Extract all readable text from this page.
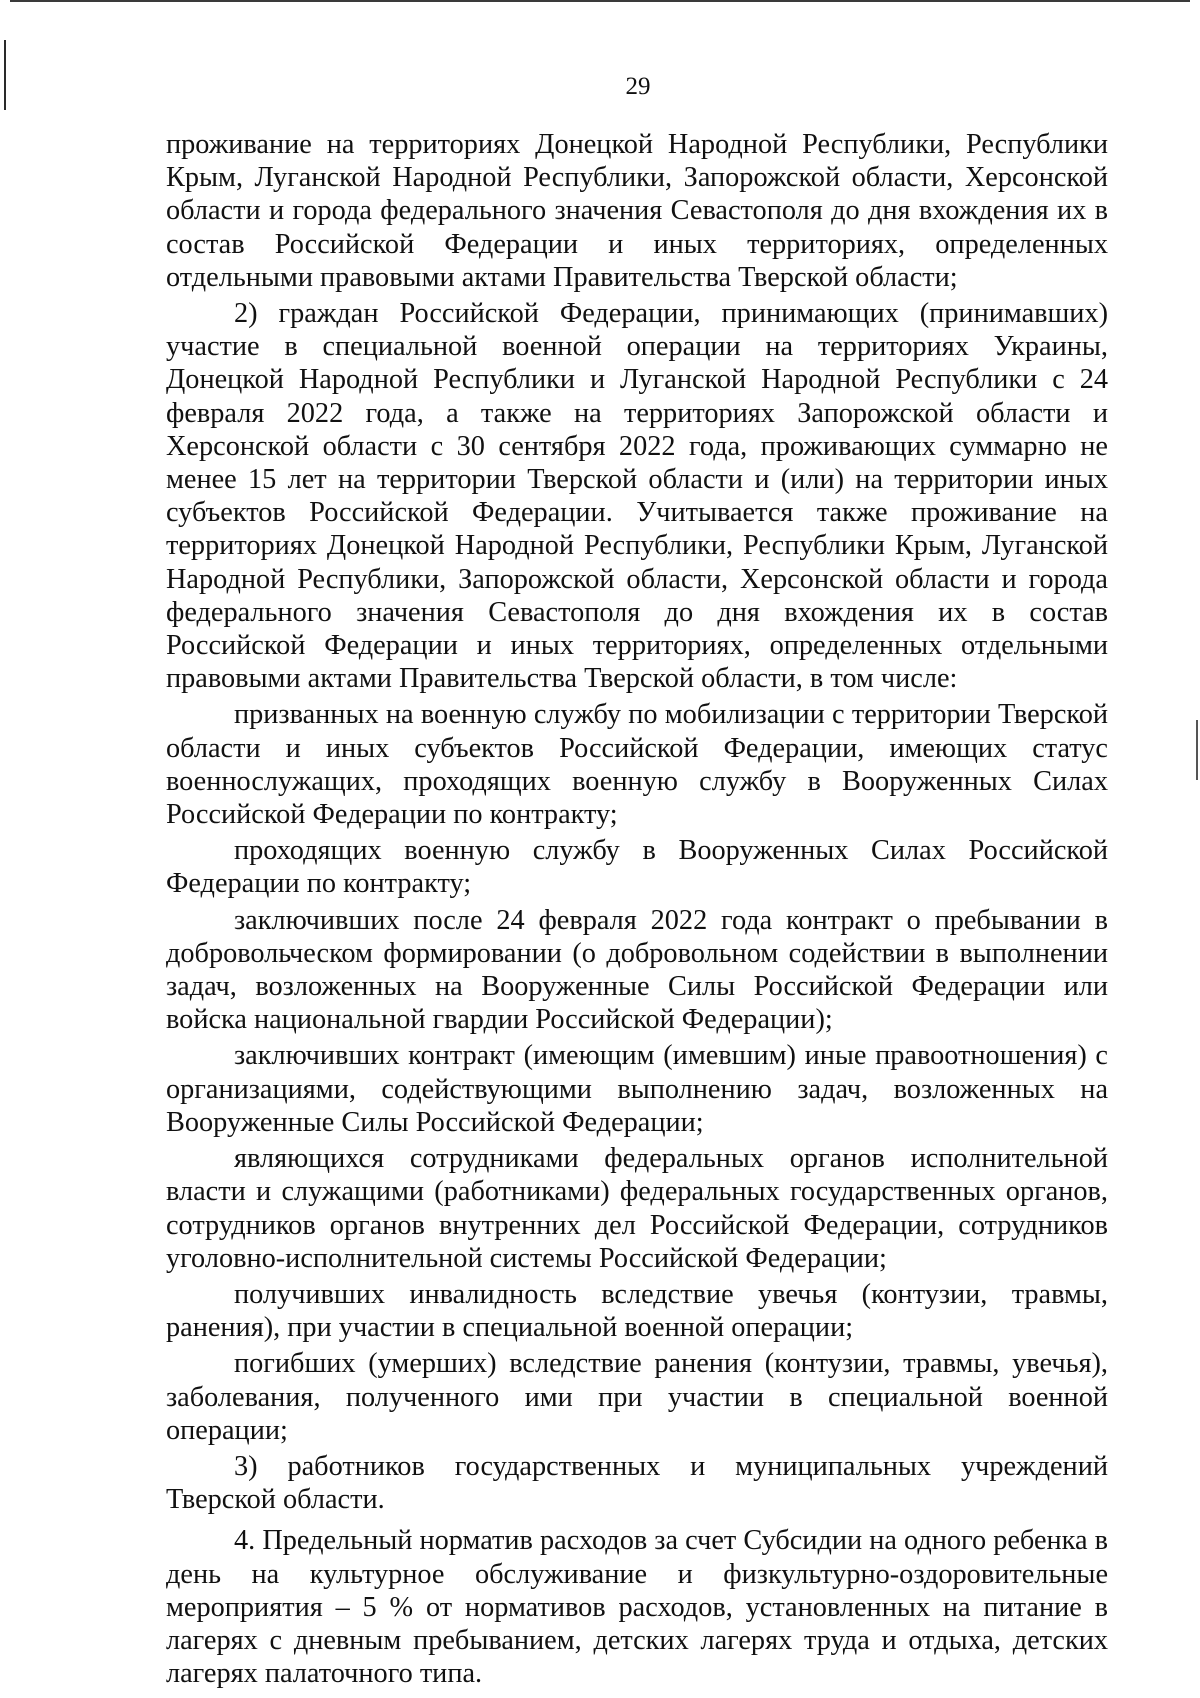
29

проживание на территориях Донецкой Народной Республики, Республики Крым, Луганской Народной Республики, Запорожской области, Херсонской области и города федерального значения Севастополя до дня вхождения их в состав Российской Федерации и иных территориях, определенных отдельными правовыми актами Правительства Тверской области;

2) граждан Российской Федерации, принимающих (принимавших) участие в специальной военной операции на территориях Украины, Донецкой Народной Республики и Луганской Народной Республики с 24 февраля 2022 года, а также на территориях Запорожской области и Херсонской области с 30 сентября 2022 года, проживающих суммарно не менее 15 лет на территории Тверской области и (или) на территории иных субъектов Российской Федерации. Учитывается также проживание на территориях Донецкой Народной Республики, Республики Крым, Луганской Народной Республики, Запорожской области, Херсонской области и города федерального значения Севастополя до дня вхождения их в состав Российской Федерации и иных территориях, определенных отдельными правовыми актами Правительства Тверской области, в том числе:

призванных на военную службу по мобилизации с территории Тверской области и иных субъектов Российской Федерации, имеющих статус военнослужащих, проходящих военную службу в Вооруженных Силах Российской Федерации по контракту;

проходящих военную службу в Вооруженных Силах Российской Федерации по контракту;

заключивших после 24 февраля 2022 года контракт о пребывании в добровольческом формировании (о добровольном содействии в выполнении задач, возложенных на Вооруженные Силы Российской Федерации или войска национальной гвардии Российской Федерации);

заключивших контракт (имеющим (имевшим) иные правоотношения) с организациями, содействующими выполнению задач, возложенных на Вооруженные Силы Российской Федерации;

являющихся сотрудниками федеральных органов исполнительной власти и служащими (работниками) федеральных государственных органов, сотрудников органов внутренних дел Российской Федерации, сотрудников уголовно-исполнительной системы Российской Федерации;

получивших инвалидность вследствие увечья (контузии, травмы, ранения), при участии в специальной военной операции;

погибших (умерших) вследствие ранения (контузии, травмы, увечья), заболевания, полученного ими при участии в специальной военной операции;

3) работников государственных и муниципальных учреждений Тверской области.

4. Предельный норматив расходов за счет Субсидии на одного ребенка в день на культурное обслуживание и физкультурно-оздоровительные мероприятия – 5 % от нормативов расходов, установленных на питание в лагерях с дневным пребыванием, детских лагерях труда и отдыха, детских лагерях палаточного типа.
